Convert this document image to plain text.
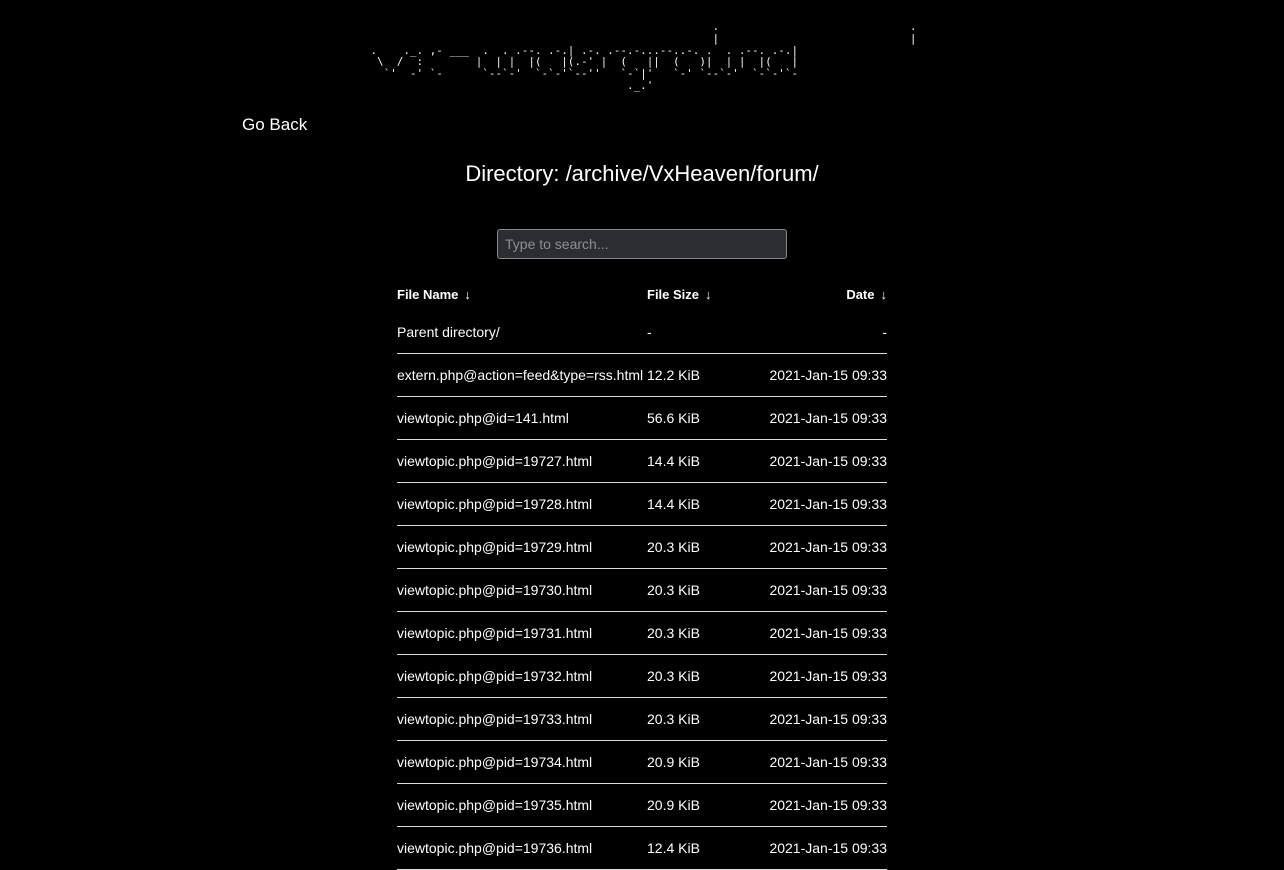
.                             .
|                             |
.    ._. ,- ___  .  . .--. .-.| .-. .--.-...--..-. .  . .--. .-.|
\  /  :        |  | |  |(   |(.-' |  (   ||  (   )|  | |  |(   |
`'  -' `-      `--`-'  `-`-'`--''   `-`|'   `-' `--`-'  `-`-'`-
._.'
Go Back
Directory: /archive/VxHeaven/forum/
Type to search...
File Name ↓	File Size ↓	Date ↓
Parent directory/	-	-
extern.php@action=feed&type=rss.html	12.2 KiB	2021-Jan-15 09:33
viewtopic.php@id=141.html	56.6 KiB	2021-Jan-15 09:33
viewtopic.php@pid=19727.html	14.4 KiB	2021-Jan-15 09:33
viewtopic.php@pid=19728.html	14.4 KiB	2021-Jan-15 09:33
viewtopic.php@pid=19729.html	20.3 KiB	2021-Jan-15 09:33
viewtopic.php@pid=19730.html	20.3 KiB	2021-Jan-15 09:33
viewtopic.php@pid=19731.html	20.3 KiB	2021-Jan-15 09:33
viewtopic.php@pid=19732.html	20.3 KiB	2021-Jan-15 09:33
viewtopic.php@pid=19733.html	20.3 KiB	2021-Jan-15 09:33
viewtopic.php@pid=19734.html	20.9 KiB	2021-Jan-15 09:33
viewtopic.php@pid=19735.html	20.9 KiB	2021-Jan-15 09:33
viewtopic.php@pid=19736.html	12.4 KiB	2021-Jan-15 09:33
